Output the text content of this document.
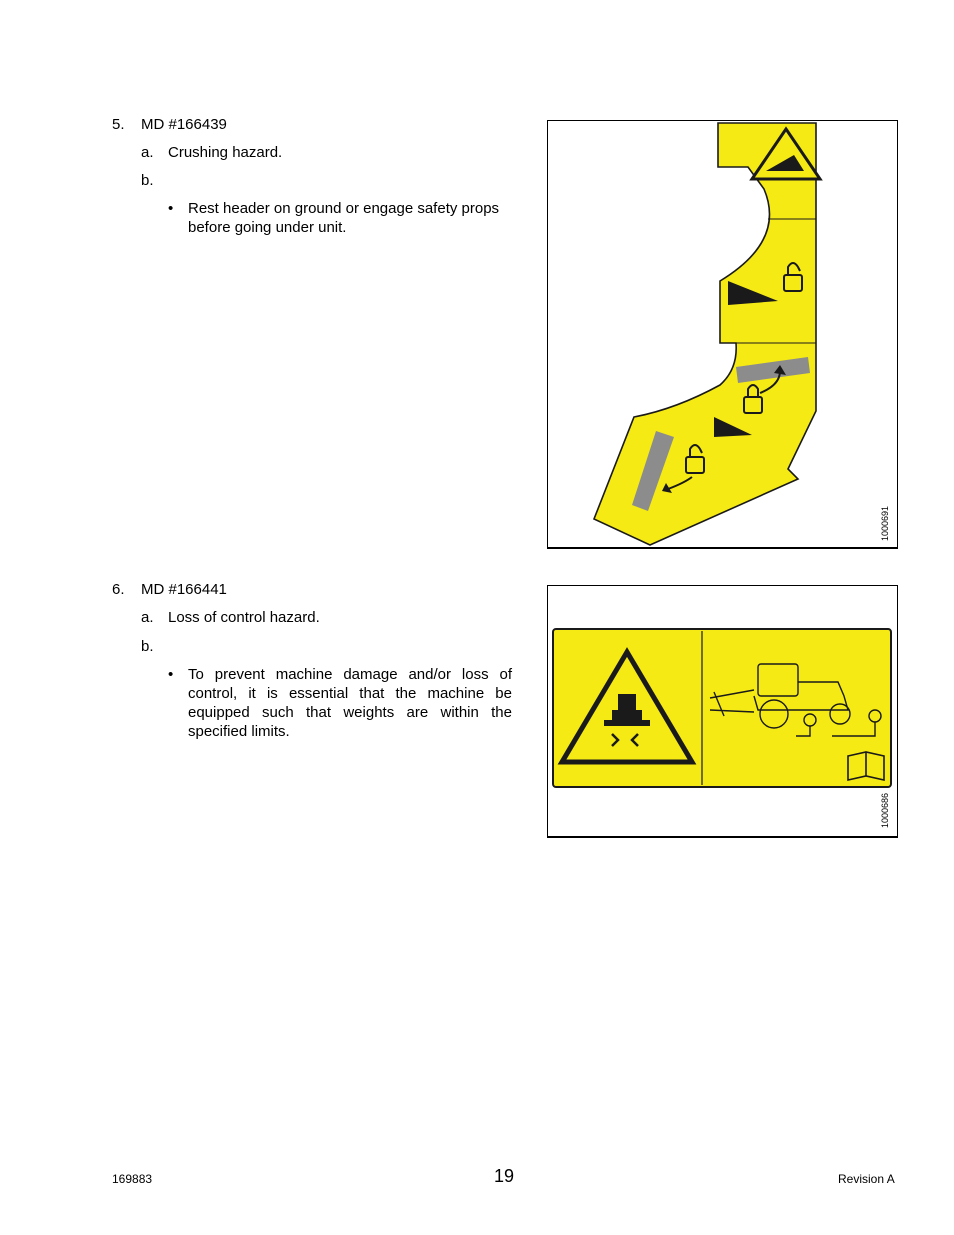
5. MD #166439
a. Crushing hazard.
b.
• Rest header on ground or engage safety props before going under unit.
1000691
6. MD #166441
a. Loss of control hazard.
b.
• To prevent machine damage and/or loss of control, it is essential that the machine be equipped such that weights are within the specified limits.
1000686
169883	19	Revision A
